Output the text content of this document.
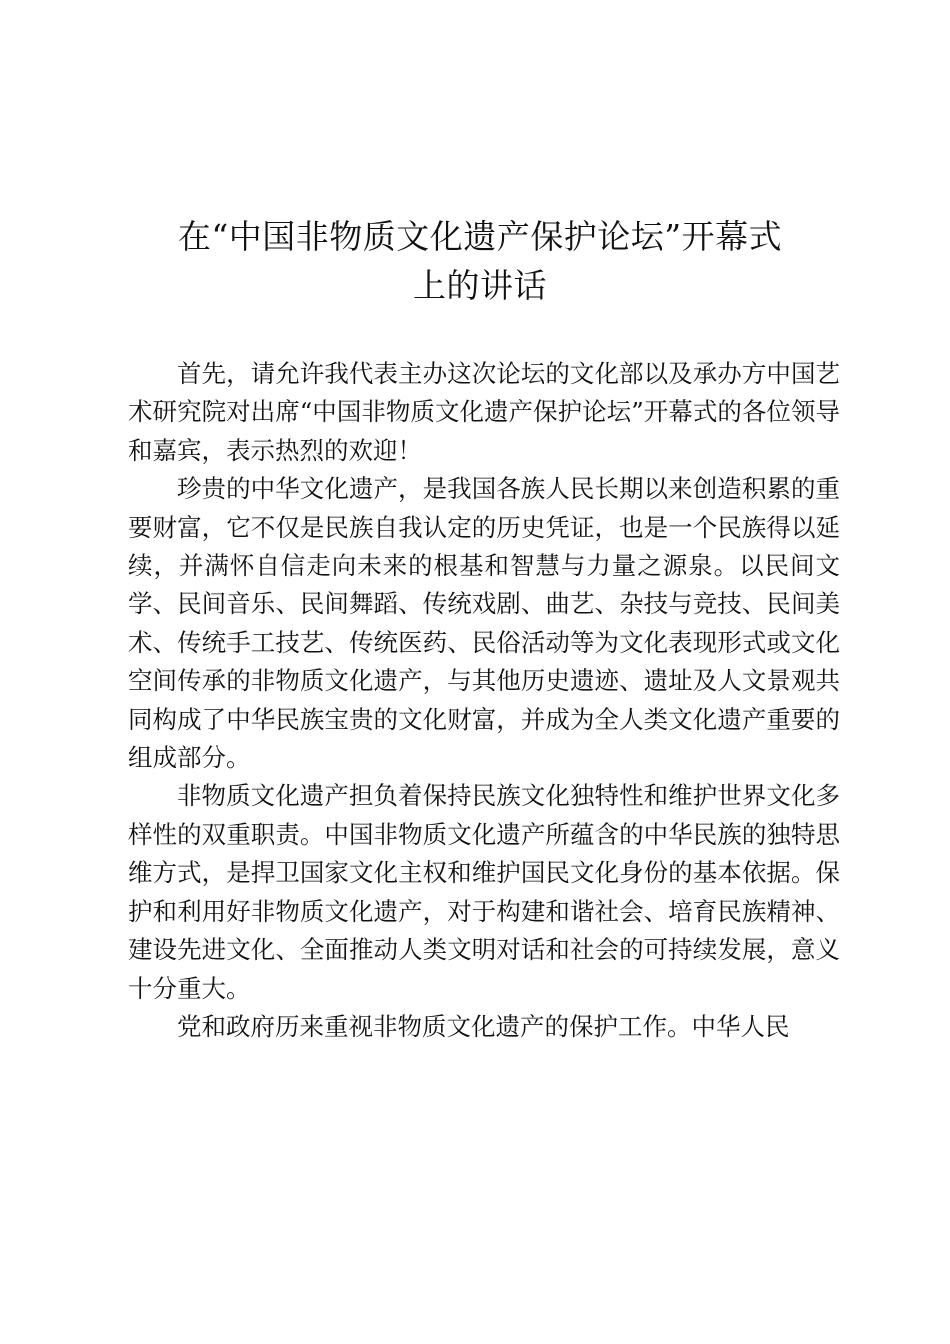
在“中国非物质文化遗产保护论坛”开幕式
上的讲话

首先，请允许我代表主办这次论坛的文化部以及承办方中国艺术研究院对出席“中国非物质文化遗产保护论坛”开幕式的各位领导和嘉宾，表示热烈的欢迎！

珍贵的中华文化遗产，是我国各族人民长期以来创造积累的重要财富，它不仅是民族自我认定的历史凭证，也是一个民族得以延续，并满怀自信走向未来的根基和智慧与力量之源泉。以民间文学、民间音乐、民间舞蹈、传统戏剧、曲艺、杂技与竞技、民间美术、传统手工技艺、传统医药、民俗活动等为文化表现形式或文化空间传承的非物质文化遗产，与其他历史遗迹、遗址及人文景观共同构成了中华民族宝贵的文化财富，并成为全人类文化遗产重要的组成部分。

非物质文化遗产担负着保持民族文化独特性和维护世界文化多样性的双重职责。中国非物质文化遗产所蕴含的中华民族的独特思维方式，是捍卫国家文化主权和维护国民文化身份的基本依据。保护和利用好非物质文化遗产，对于构建和谐社会、培育民族精神、建设先进文化、全面推动人类文明对话和社会的可持续发展，意义十分重大。

党和政府历来重视非物质文化遗产的保护工作。中华人民
